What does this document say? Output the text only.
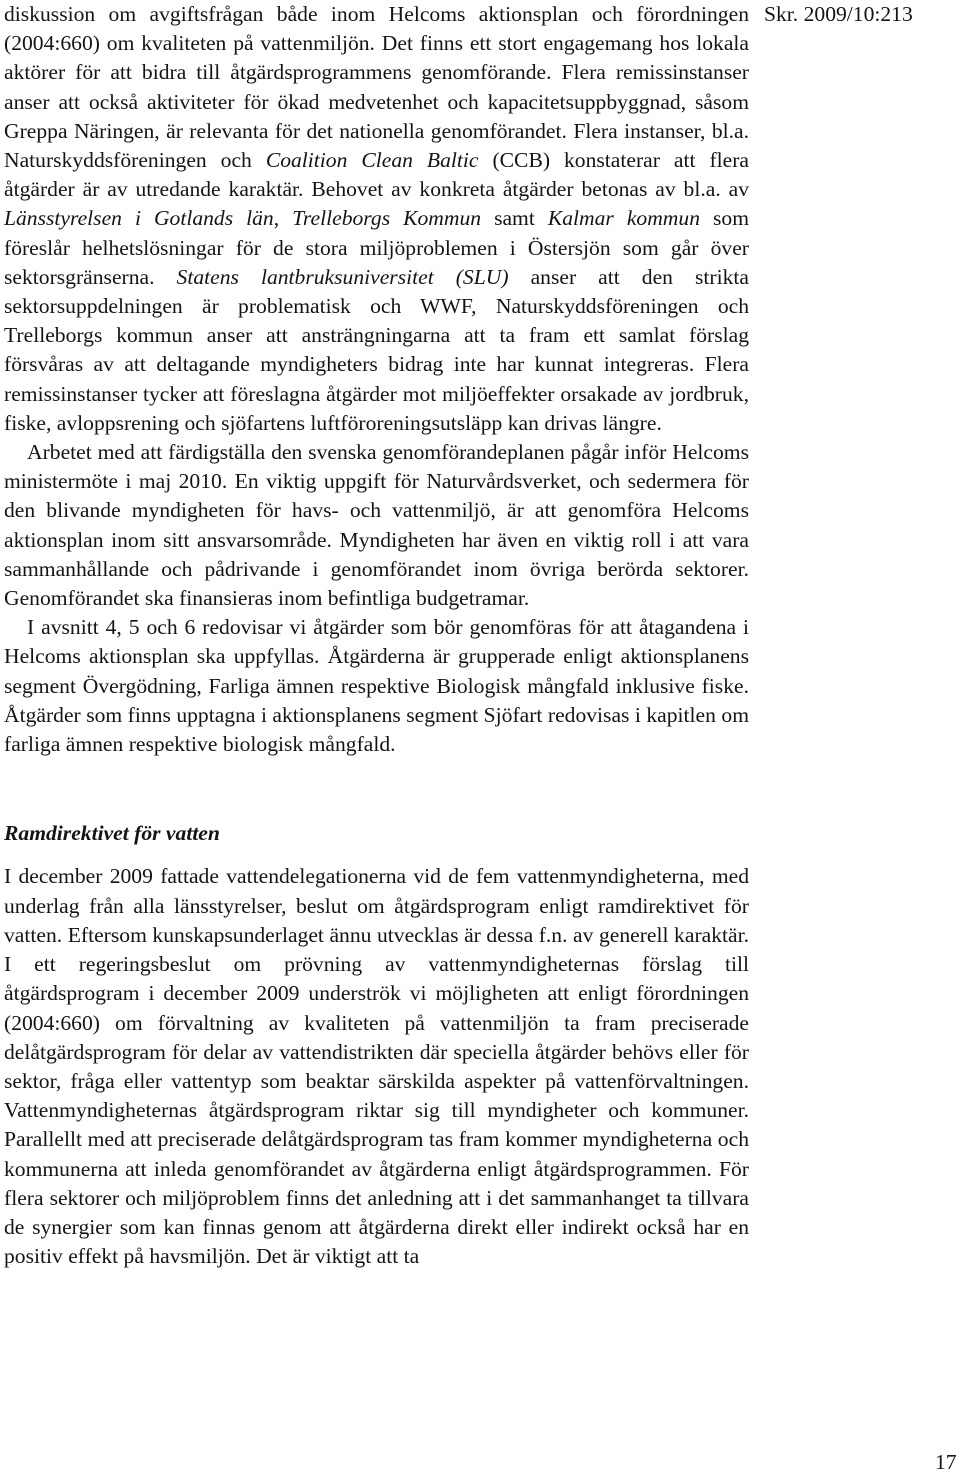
Skr. 2009/10:213

diskussion om avgiftsfrågan både inom Helcoms aktionsplan och förordningen (2004:660) om kvaliteten på vattenmiljön. Det finns ett stort engagemang hos lokala aktörer för att bidra till åtgärdsprogrammens genomförande. Flera remissinstanser anser att också aktiviteter för ökad medvetenhet och kapacitetsuppbyggnad, såsom Greppa Näringen, är relevanta för det nationella genomförandet. Flera instanser, bl.a. Naturskyddsföreningen och Coalition Clean Baltic (CCB) konstaterar att flera åtgärder är av utredande karaktär. Behovet av konkreta åtgärder betonas av bl.a. av Länsstyrelsen i Gotlands län, Trelleborgs Kommun samt Kalmar kommun som föreslår helhetslösningar för de stora miljöproblemen i Östersjön som går över sektorsgränserna. Statens lantbruksuniversitet (SLU) anser att den strikta sektorsuppdelningen är problematisk och WWF, Naturskyddsföreningen och Trelleborgs kommun anser att ansträngningarna att ta fram ett samlat förslag försvåras av att deltagande myndigheters bidrag inte har kunnat integreras. Flera remissinstanser tycker att föreslagna åtgärder mot miljöeffekter orsakade av jordbruk, fiske, avloppsrening och sjöfartens luftföroreningsutsläpp kan drivas längre.

Arbetet med att färdigställa den svenska genomförandeplanen pågår inför Helcoms ministermöte i maj 2010. En viktig uppgift för Naturvårdsverket, och sedermera för den blivande myndigheten för havs- och vattenmiljö, är att genomföra Helcoms aktionsplan inom sitt ansvarsområde. Myndigheten har även en viktig roll i att vara sammanhållande och pådrivande i genomförandet inom övriga berörda sektorer. Genomförandet ska finansieras inom befintliga budgetramar.

I avsnitt 4, 5 och 6 redovisar vi åtgärder som bör genomföras för att åtagandena i Helcoms aktionsplan ska uppfyllas. Åtgärderna är grupperade enligt aktionsplanens segment Övergödning, Farliga ämnen respektive Biologisk mångfald inklusive fiske. Åtgärder som finns upptagna i aktionsplanens segment Sjöfart redovisas i kapitlen om farliga ämnen respektive biologisk mångfald.

Ramdirektivet för vatten

I december 2009 fattade vattendelegationerna vid de fem vattenmyndigheterna, med underlag från alla länsstyrelser, beslut om åtgärdsprogram enligt ramdirektivet för vatten. Eftersom kunskapsunderlaget ännu utvecklas är dessa f.n. av generell karaktär. I ett regeringsbeslut om prövning av vattenmyndigheternas förslag till åtgärdsprogram i december 2009 underströk vi möjligheten att enligt förordningen (2004:660) om förvaltning av kvaliteten på vattenmiljön ta fram preciserade delåtgärdsprogram för delar av vattendistrikten där speciella åtgärder behövs eller för sektor, fråga eller vattentyp som beaktar särskilda aspekter på vattenförvaltningen. Vattenmyndigheternas åtgärdsprogram riktar sig till myndigheter och kommuner. Parallellt med att preciserade delåtgärdsprogram tas fram kommer myndigheterna och kommunerna att inleda genomförandet av åtgärderna enligt åtgärdsprogrammen. För flera sektorer och miljöproblem finns det anledning att i det sammanhanget ta tillvara de synergier som kan finnas genom att åtgärderna direkt eller indirekt också har en positiv effekt på havsmiljön. Det är viktigt att ta

17
